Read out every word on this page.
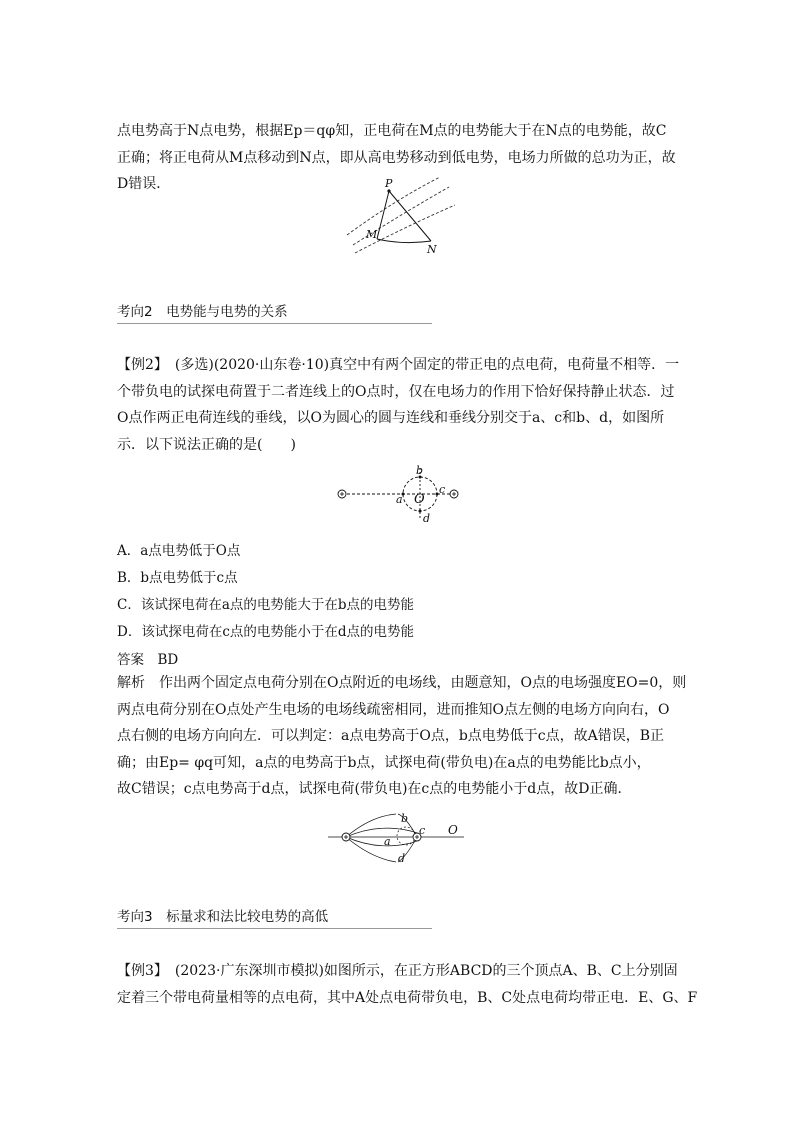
点电势高于N点电势，根据Ep＝qφ知，正电荷在M点的电势能大于在N点的电势能，故C
正确；将正电荷从M点移动到N点，即从高电势移动到低电势，电场力所做的总功为正，故
D错误．	P
M
N
考向2　电势能与电势的关系
【例2】　(多选)(2020·山东卷·10)真空中有两个固定的带正电的点电荷，电荷量不相等．一
个带负电的试探电荷置于二者连线上的O点时，仅在电场力的作用下恰好保持静止状态．过
O点作两正电荷连线的垂线，以O为圆心的圆与连线和垂线分别交于a、c和b、d，如图所
示．以下说法正确的是(　　)
a
b
c
d
O
A．a点电势低于O点
B．b点电势低于c点
C．该试探电荷在a点的电势能大于在b点的电势能
D．该试探电荷在c点的电势能小于在d点的电势能
答案　BD
解析　作出两个固定点电荷分别在O点附近的电场线，由题意知，O点的电场强度EO=0，则
两点电荷分别在O点处产生电场的电场线疏密相同，进而推知O点左侧的电场方向向右，O
点右侧的电场方向向左．可以判定：a点电势高于O点，b点电势低于c点，故A错误，B正
确；由Ep= φq可知，a点的电势高于b点，试探电荷(带负电)在a点的电势能比b点小，
故C错误；c点电势高于d点，试探电荷(带负电)在c点的电势能小于d点，故D正确．
b
a
c
d
O
考向3　标量求和法比较电势的高低
【例3】　(2023·广东深圳市模拟)如图所示，在正方形ABCD的三个顶点A、B、C上分别固
定着三个带电荷量相等的点电荷，其中A处点电荷带负电，B、C处点电荷均带正电．E、G、F
